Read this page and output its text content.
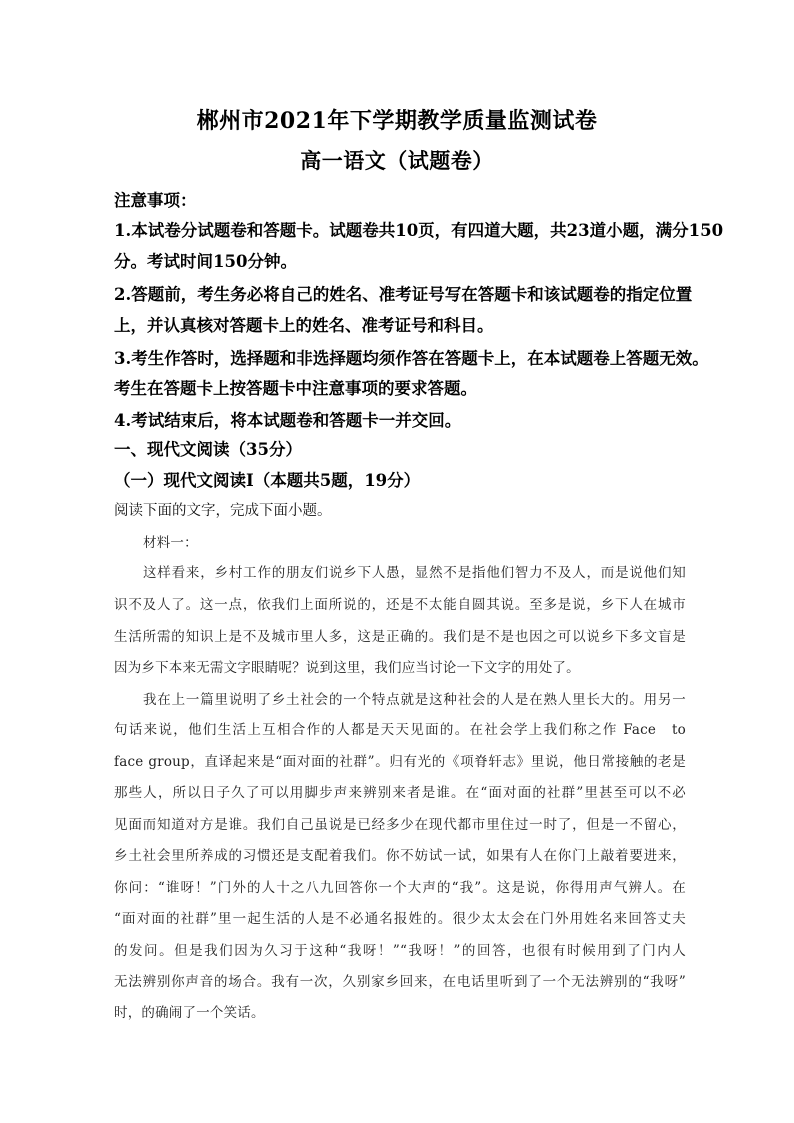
郴州市2021年下学期教学质量监测试卷
高一语文（试题卷）
注意事项：
1.本试卷分试题卷和答题卡。试题卷共10页，有四道大题，共23道小题，满分150
分。考试时间150分钟。
2.答题前，考生务必将自己的姓名、准考证号写在答题卡和该试题卷的指定位置
上，并认真核对答题卡上的姓名、准考证号和科目。
3.考生作答时，选择题和非选择题均须作答在答题卡上，在本试题卷上答题无效。
考生在答题卡上按答题卡中注意事项的要求答题。
4.考试结束后，将本试题卷和答题卡一并交回。
一、现代文阅读（35分）
（一）现代文阅读Ⅰ（本题共5题，19分）
阅读下面的文字，完成下面小题。
材料一：
这样看来，乡村工作的朋友们说乡下人愚，显然不是指他们智力不及人，而是说他们知
识不及人了。这一点，依我们上面所说的，还是不太能自圆其说。至多是说，乡下人在城市
生活所需的知识上是不及城市里人多，这是正确的。我们是不是也因之可以说乡下多文盲是
因为乡下本来无需文字眼睛呢？说到这里，我们应当讨论一下文字的用处了。
我在上一篇里说明了乡土社会的一个特点就是这种社会的人是在熟人里长大的。用另一
句话来说，他们生活上互相合作的人都是天天见面的。在社会学上我们称之作 Face　to
face group，直译起来是“面对面的社群”。归有光的《项脊轩志》里说，他日常接触的老是
那些人，所以日子久了可以用脚步声来辨别来者是谁。在“面对面的社群”里甚至可以不必
见面而知道对方是谁。我们自己虽说是已经多少在现代都市里住过一时了，但是一不留心，
乡土社会里所养成的习惯还是支配着我们。你不妨试一试，如果有人在你门上敲着要进来，
你问：“谁呀！”门外的人十之八九回答你一个大声的“我”。这是说，你得用声气辨人。在
“面对面的社群”里一起生活的人是不必通名报姓的。很少太太会在门外用姓名来回答丈夫
的发问。但是我们因为久习于这种“我呀！”“我呀！”的回答，也很有时候用到了门内人
无法辨别你声音的场合。我有一次，久别家乡回来，在电话里听到了一个无法辨别的“我呀”
时，的确闹了一个笑话。
